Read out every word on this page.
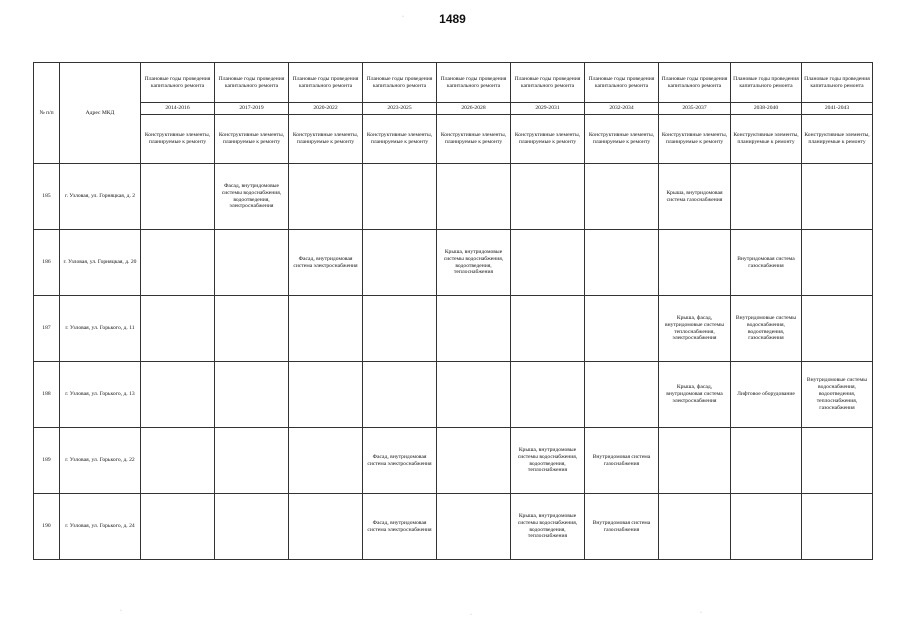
1489
№ п/п	Адрес МКД	Плановые годы проведения капитального ремонта	Плановые годы проведения капитального ремонта	Плановые годы проведения капитального ремонта	Плановые годы проведения капитального ремонта	Плановые годы проведения капитального ремонта	Плановые годы проведения капитального ремонта	Плановые годы проведения капитального ремонта	Плановые годы проведения капитального ремонта	Плановые годы проведения капитального ремонта	Плановые годы проведения капитального ремонта
		2014-2016	2017-2019	2020-2022	2023-2025	2026-2028	2029-2031	2032-2034	2035-2037	2038-2040	2041-2043
		Конструктивные элементы, планируемые к ремонту	Конструктивные элементы, планируемые к ремонту	Конструктивные элементы, планируемые к ремонту	Конструктивные элементы, планируемые к ремонту	Конструктивные элементы, планируемые к ремонту	Конструктивные элементы, планируемые к ремонту	Конструктивные элементы, планируемые к ремонту	Конструктивные элементы, планируемые к ремонту	Конструктивные элементы, планируемые к ремонту	Конструктивные элементы, планируемые к ремонту
185	г. Узловая, ул. Горняцкая, д. 2		Фасад, внутридомовые системы водоснабжения, водоотведения, электроснабжения						Крыша, внутридомовая система газоснабжения		
186	г. Узловая, ул. Горняцкая, д. 20			Фасад, внутридомовая система электроснабжения		Крыша, внутридомовые системы водоснабжения, водоотведения, теплоснабжения				Внутридомовая система газоснабжения	
187	г. Узловая, ул. Горького, д. 11								Крыша, фасад, внутридомовые системы теплоснабжения, электроснабжения	Внутридомовые системы водоснабжения, водоотведения, газоснабжения	
188	г. Узловая, ул. Горького, д. 13								Крыша, фасад, внутридомовая система электроснабжения	Лифтовое оборудование	Внутридомовые системы водоснабжения, водоотведения, теплоснабжения, газоснабжения
189	г. Узловая, ул. Горького, д. 22				Фасад, внутридомовая система электроснабжения		Крыша, внутридомовые системы водоснабжения, водоотведения, теплоснабжения	Внутридомовая система газоснабжения			
190	г. Узловая, ул. Горького, д. 24				Фасад, внутридомовая система электроснабжения		Крыша, внутридомовые системы водоснабжения, водоотведения, теплоснабжения	Внутридомовая система газоснабжения			
·
·
·	·
